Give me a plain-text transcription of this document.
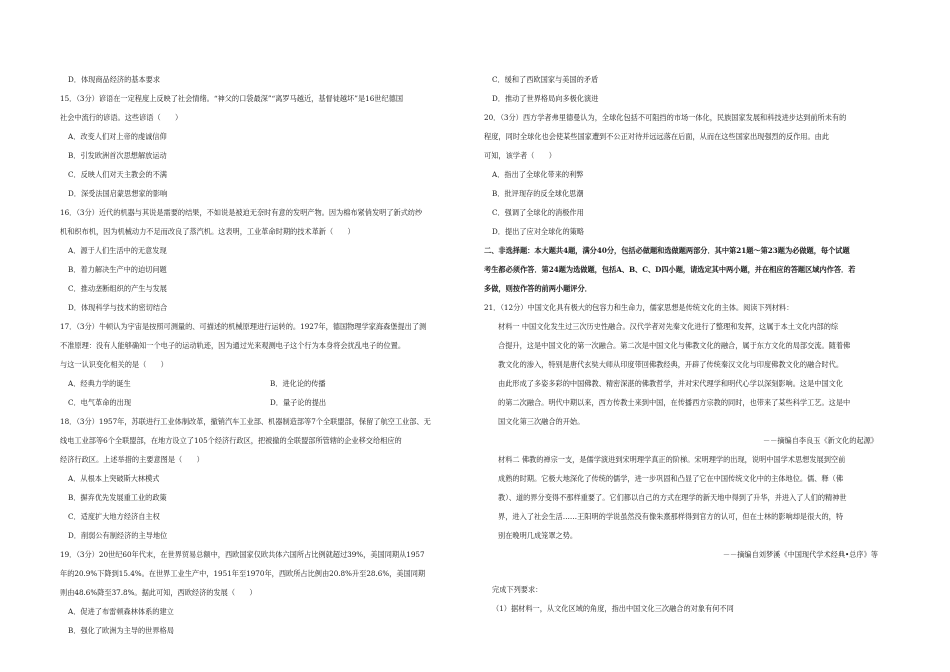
D．体现商品经济的基本要求
15．（3分）谚语在一定程度上反映了社会情绪。“神父的口袋最深”“离罗马越近，基督徒越坏”是16世纪德国
社会中流行的谚语。这些谚语（　　）
A．改变人们对上帝的虔诚信仰
B．引发欧洲首次思想解放运动
C．反映人们对天主教会的不满
D．深受法国启蒙思想家的影响
16．（3分）近代的机器与其说是需要的结果，不如说是被迫无奈时有意的发明产物。因为棉布紧俏发明了新式纺纱
机和织布机，因为机械动力不足而改良了蒸汽机。这表明，工业革命时期的技术革新（　　）
A．源于人们生活中的无意发现
B．着力解决生产中的迫切问题
C．推动垄断组织的产生与发展
D．体现科学与技术的密切结合
17．（3分）牛顿认为宇宙是按照可测量的、可描述的机械原理进行运转的。1927年，德国物理学家海森堡提出了测
不准原理：没有人能够确知一个电子的运动轨迹，因为通过光来观测电子这个行为本身将会扰乱电子的位置。
与这一认识变化相关的是（　　）
A．经典力学的诞生	B．进化论的传播
C．电气革命的出现	D．量子论的提出
18．（3分）1957年，苏联进行工业体制改革，撤销汽车工业部、机器制造部等7个全联盟部，保留了航空工业部、无
线电工业部等6个全联盟部，在地方设立了105个经济行政区，把被撤的全联盟部所管辖的企业移交给相应的
经济行政区。上述举措的主要意图是（　　）
A．从根本上突破斯大林模式
B．摒弃优先发展重工业的政策
C．适度扩大地方经济自主权
D．削弱公有制经济的主导地位
19．（3分）20世纪60年代末，在世界贸易总额中，西欧国家仅欧共体六国所占比例就超过39%，美国同期从1957
年的20.9%下降到15.4%。在世界工业生产中，1951年至1970年，西欧所占比例由20.8%升至28.6%，美国同期
则由48.6%降至37.8%。据此可知，西欧经济的发展（　　）
A．促进了布雷顿森林体系的建立
B．强化了欧洲为主导的世界格局
C．缓和了西欧国家与美国的矛盾
D．推动了世界格局向多极化演进
20．（3分）西方学者弗里德曼认为，全球化包括不可阻挡的市场一体化，民族国家发展和科技进步达到前所未有的
程度，同时全球化也会使某些国家遭到不公正对待并远远落在后面，从而在这些国家出现强烈的反作用。由此
可知，该学者（　　）
A．指出了全球化带来的利弊
B．批评现存的反全球化思潮
C．强调了全球化的消极作用
D．提出了应对全球化的策略
二、非选择题：本大题共4题，满分40分，包括必做题和选做题两部分．其中第21题～第23题为必做题，每个试题
考生都必须作答．第24题为选做题，包括A、B、C、D四小题，请选定其中两小题，并在相应的答题区域内作答．若
多做，则按作答的前两小题评分．
21．（12分）中国文化具有极大的包容力和生命力，儒家思想是传统文化的主体。阅读下列材料：
材料一 中国文化发生过三次历史性融合。汉代学者对先秦文化进行了整理和发挥，这属于本土文化内部的综
合提升，这是中国文化的第一次融合。第二次是中国文化与佛教文化的融合，属于东方文化的局部交流。随着佛
教文化的渗入，特别是唐代玄奘大师从印度带回佛教经典，开辟了传统秦汉文化与印度佛教文化的融合时代。
由此形成了多姿多彩的中国佛教、精密深湛的佛教哲学，并对宋代理学和明代心学以深刻影响。这是中国文化
的第二次融合。明代中期以来，西方传教士来到中国，在传播西方宗教的同时，也带来了某些科学工艺。这是中
国文化第三次融合的开始。
－－摘编自李良玉《新文化的起源》
材料二 佛教的禅宗一支，是儒学演进到宋明理学真正的阶梯。宋明理学的出现，说明中国学术思想发展到空前
成熟的时期。它极大地深化了传统的儒学，进一步巩固和凸显了它在中国传统文化中的主体地位。儒、释（佛
教）、道的界分变得不那样重要了。它们都以自己的方式在理学的新天地中得到了升华，并进入了人们的精神世
界，进入了社会生活……王阳明的学说虽然没有像朱熹那样得到官方的认可，但在士林的影响却是很大的，特
别在晚明几成笼罩之势。
－－摘编自刘梦溪《中国现代学术经典•总序》等
完成下列要求：
（1）据材料一，从文化区域的角度，指出中国文化三次融合的对象有何不同
